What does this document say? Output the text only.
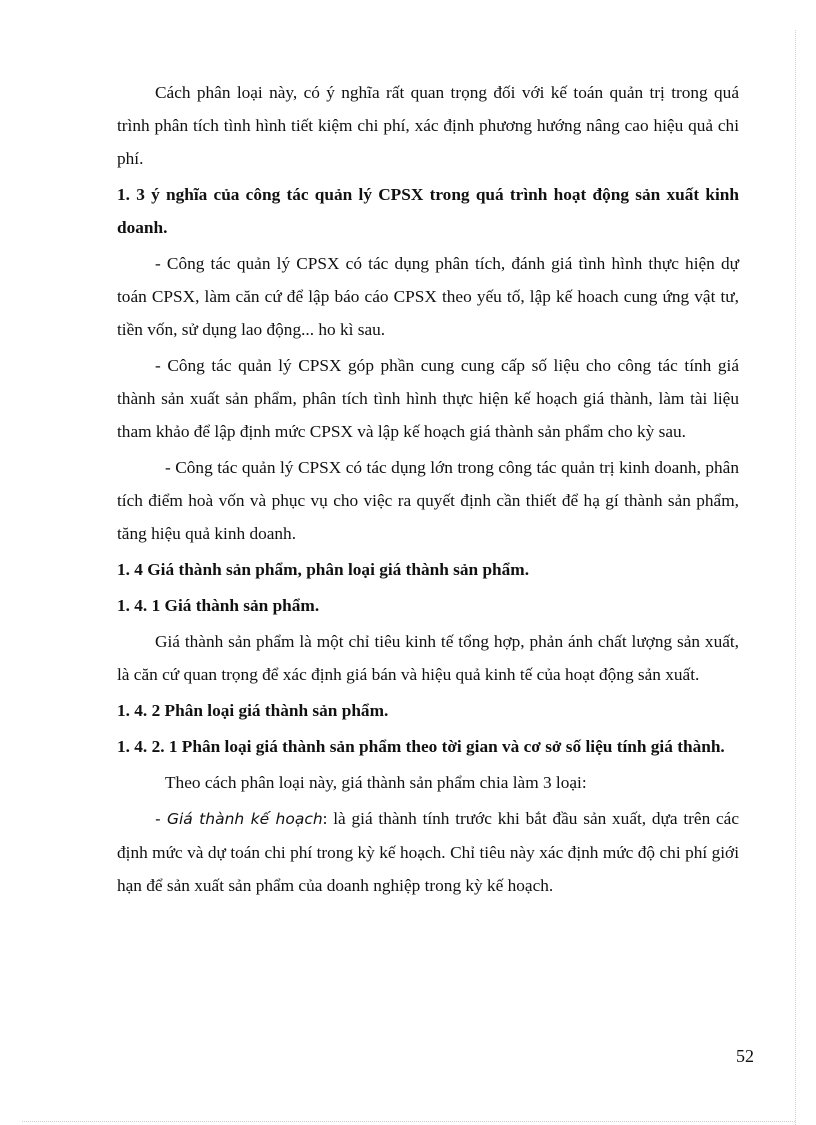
Cách phân loại này, có ý nghĩa rất quan trọng đối với kế toán quản trị trong quá trình phân tích tình hình tiết kiệm chi phí, xác định phương hướng nâng cao hiệu quả chi phí.

1. 3 ý nghĩa của công tác quản lý CPSX trong quá trình hoạt động sản xuất kinh doanh.

- Công tác quản lý CPSX có tác dụng phân tích, đánh giá tình hình thực hiện dự toán CPSX, làm căn cứ để lập báo cáo CPSX theo yếu tố, lập kế hoach cung ứng vật tư, tiền vốn, sử dụng lao động... ho kì sau.

- Công tác quản lý CPSX góp phần cung cung cấp số liệu cho công tác tính giá thành sản xuất sản phẩm, phân tích tình hình thực hiện kế hoạch giá thành, làm tài liệu tham khảo để lập định mức CPSX và lập kế hoạch giá thành sản phẩm cho kỳ sau.

- Công tác quản lý CPSX có tác dụng lớn trong công tác quản trị kinh doanh, phân tích điểm hoà vốn và phục vụ cho việc ra quyết định cần thiết để hạ gí thành sản phẩm, tăng hiệu quả kinh doanh.

1. 4 Giá thành sản phẩm, phân loại giá thành sản phẩm.

1. 4. 1 Giá thành sản phẩm.

Giá thành sản phẩm là một chỉ tiêu kinh tế tổng hợp, phản ánh chất lượng sản xuất, là căn cứ quan trọng để xác định giá bán và hiệu quả kinh tế của hoạt động sản xuất.

1. 4. 2 Phân loại giá thành sản phẩm.

1. 4. 2. 1 Phân loại giá thành sản phẩm theo tời gian và cơ sở số liệu tính giá thành.

Theo cách phân loại này, giá thành sản phẩm chia làm 3 loại:

- Giá thành kế hoạch: là giá thành tính trước khi bắt đầu sản xuất, dựa trên các định mức và dự toán chi phí trong kỳ kế hoạch. Chỉ tiêu này xác định mức độ chi phí giới hạn để sản xuất sản phẩm của doanh nghiệp trong kỳ kế hoạch.

52
